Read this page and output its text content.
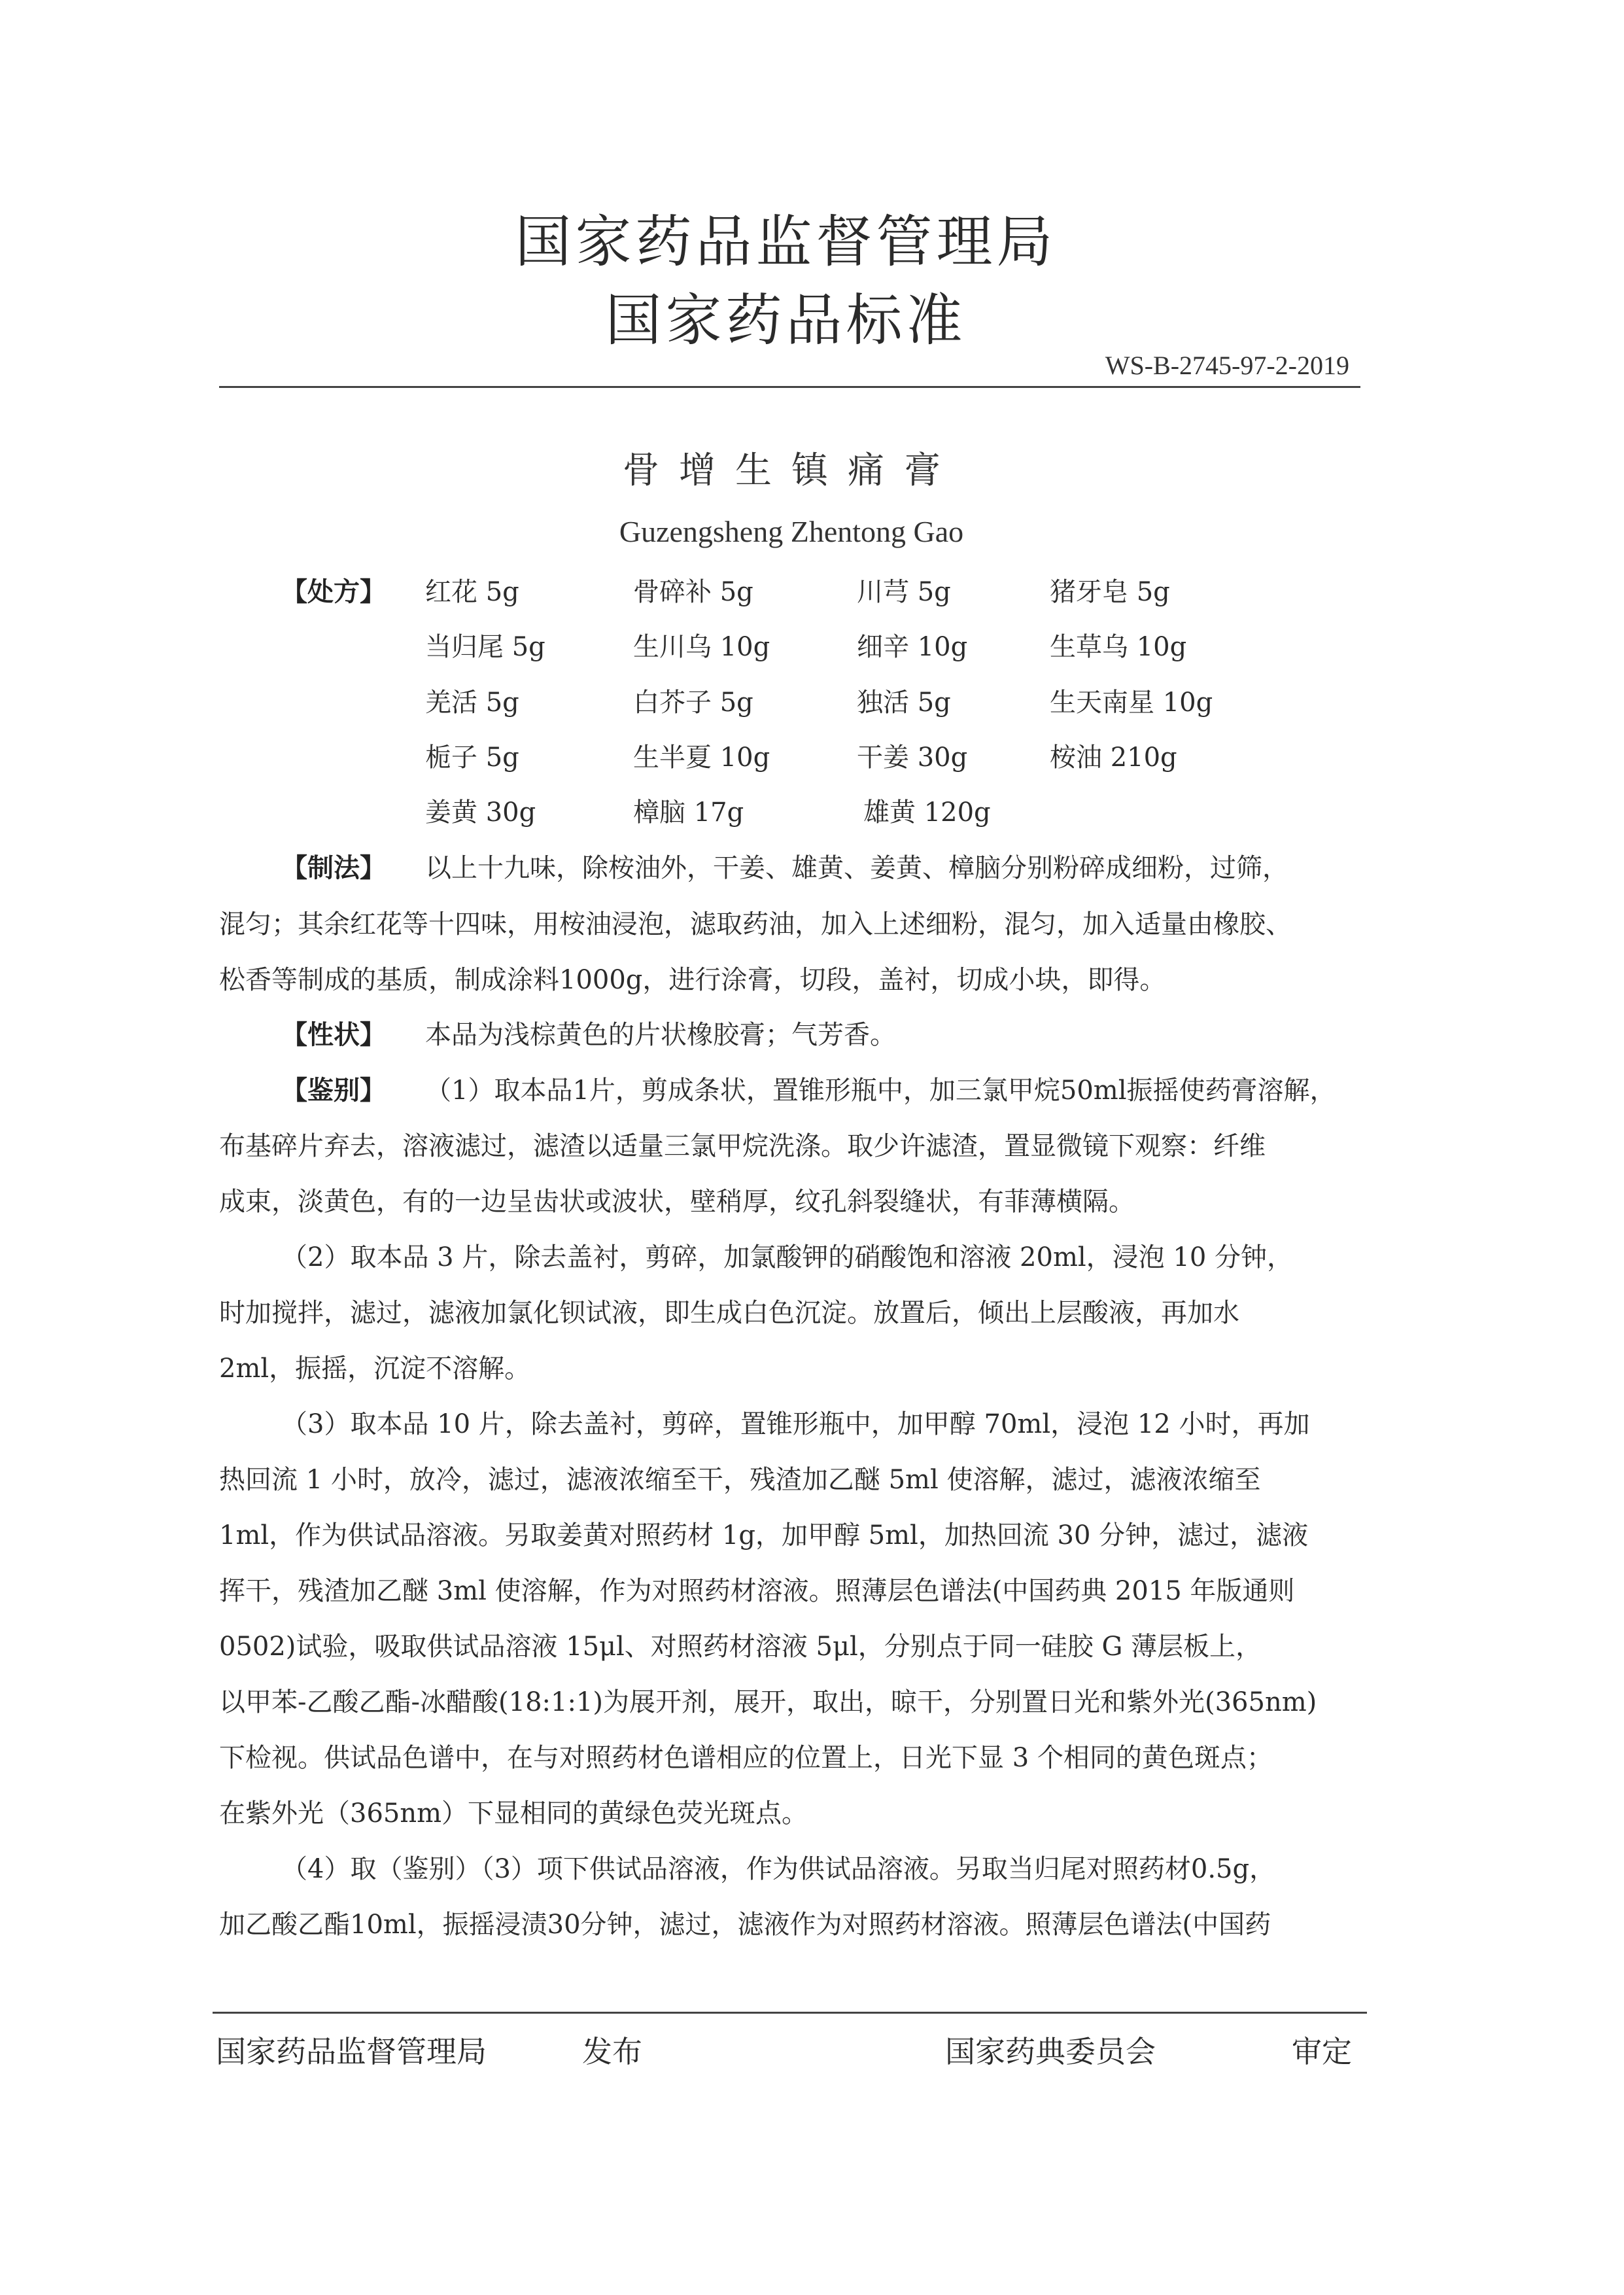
国家药品监督管理局
国家药品标准
WS-B-2745-97-2-2019
骨增生镇痛膏
Guzengsheng Zhentong Gao
【处方】 红花 5g	骨碎补 5g	川芎 5g	猪牙皂 5g
当归尾 5g	生川乌 10g	细辛 10g	生草乌 10g
羌活 5g	白芥子 5g	独活 5g	生天南星 10g
栀子 5g	生半夏 10g	干姜 30g	桉油 210g
姜黄 30g	樟脑 17g	雄黄 120g
【制法】 以上十九味，除桉油外，干姜、雄黄、姜黄、樟脑分别粉碎成细粉，过筛，
混匀；其余红花等十四味，用桉油浸泡，滤取药油，加入上述细粉，混匀，加入适量由橡胶、
松香等制成的基质，制成涂料1000g，进行涂膏，切段，盖衬，切成小块，即得。
【性状】 本品为浅棕黄色的片状橡胶膏；气芳香。
【鉴别】 （1）取本品1片，剪成条状，置锥形瓶中，加三氯甲烷50ml振摇使药膏溶解，
布基碎片弃去，溶液滤过，滤渣以适量三氯甲烷洗涤。取少许滤渣，置显微镜下观察：纤维
成束，淡黄色，有的一边呈齿状或波状，壁稍厚，纹孔斜裂缝状，有菲薄横隔。
（2）取本品 3 片，除去盖衬，剪碎，加氯酸钾的硝酸饱和溶液 20ml，浸泡 10 分钟，
时加搅拌，滤过，滤液加氯化钡试液，即生成白色沉淀。放置后，倾出上层酸液，再加水
2ml，振摇，沉淀不溶解。
（3）取本品 10 片，除去盖衬，剪碎，置锥形瓶中，加甲醇 70ml，浸泡 12 小时，再加
热回流 1 小时，放冷，滤过，滤液浓缩至干，残渣加乙醚 5ml 使溶解，滤过，滤液浓缩至
1ml，作为供试品溶液。另取姜黄对照药材 1g，加甲醇 5ml，加热回流 30 分钟，滤过，滤液
挥干，残渣加乙醚 3ml 使溶解，作为对照药材溶液。照薄层色谱法(中国药典 2015 年版通则
0502)试验，吸取供试品溶液 15μl、对照药材溶液 5μl，分别点于同一硅胶 G 薄层板上，
以甲苯-乙酸乙酯-冰醋酸(18:1:1)为展开剂，展开，取出，晾干，分别置日光和紫外光(365nm)
下检视。供试品色谱中，在与对照药材色谱相应的位置上，日光下显 3 个相同的黄色斑点；
在紫外光（365nm）下显相同的黄绿色荧光斑点。
（4）取（鉴别）（3）项下供试品溶液，作为供试品溶液。另取当归尾对照药材0.5g，
加乙酸乙酯10ml，振摇浸渍30分钟，滤过，滤液作为对照药材溶液。照薄层色谱法(中国药
国家药品监督管理局	发布	国家药典委员会	审定
